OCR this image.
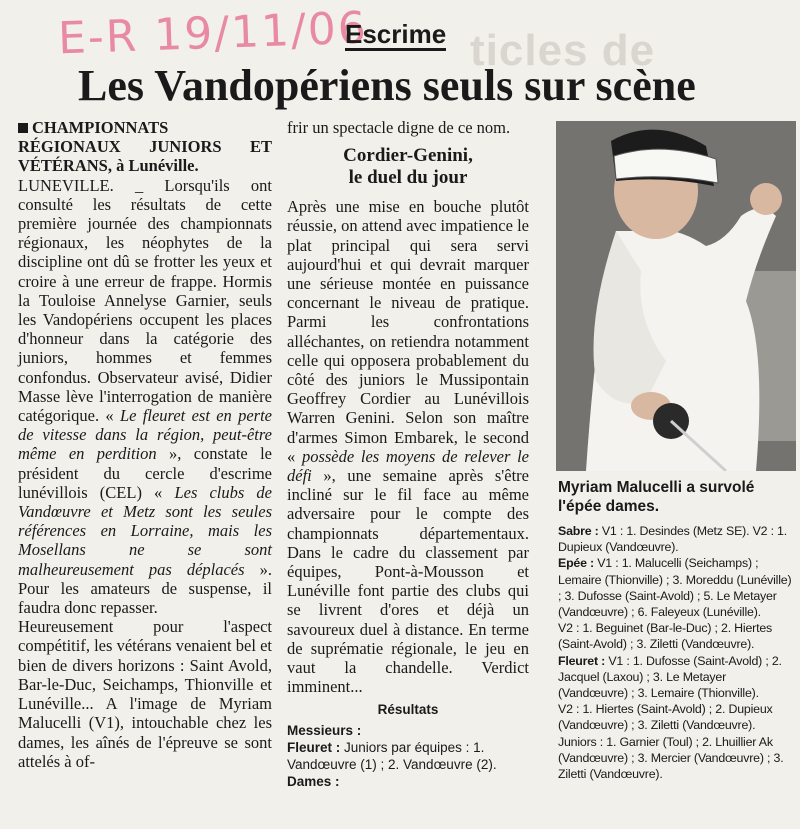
ticles de
E-R 19/11/06
Escrime
Les Vandopériens seuls sur scène

CHAMPIONNATS RÉGIONAUX JUNIORS ET VÉTÉRANS, à Lunéville.

LUNEVILLE. _ Lorsqu'ils ont consulté les résultats de cette première journée des championnats régionaux, les néophytes de la discipline ont dû se frotter les yeux et croire à une erreur de frappe. Hormis la Touloise Annelyse Garnier, seuls les Vandopériens occupent les places d'honneur dans la catégorie des juniors, hommes et femmes confondus. Observateur avisé, Didier Masse lève l'interrogation de manière catégorique. « Le fleuret est en perte de vitesse dans la région, peut-être même en perdition », constate le président du cercle d'escrime lunévillois (CEL) « Les clubs de Vandœuvre et Metz sont les seules références en Lorraine, mais les Mosellans ne se sont malheureusement pas déplacés ». Pour les amateurs de suspense, il faudra donc repasser.

Heureusement pour l'aspect compétitif, les vétérans venaient bel et bien de divers horizons : Saint Avold, Bar-le-Duc, Seichamps, Thionville et Lunéville... A l'image de Myriam Malucelli (V1), intouchable chez les dames, les aînés de l'épreuve se sont attelés à of-

frir un spectacle digne de ce nom.

Cordier-Genini,
le duel du jour

Après une mise en bouche plutôt réussie, on attend avec impatience le plat principal qui sera servi aujourd'hui et qui devrait marquer une sérieuse montée en puissance concernant le niveau de pratique. Parmi les confrontations alléchantes, on retiendra notamment celle qui opposera probablement du côté des juniors le Mussipontain Geoffrey Cordier au Lunévillois Warren Genini. Selon son maître d'armes Simon Embarek, le second « possède les moyens de relever le défi », une semaine après s'être incliné sur le fil face au même adversaire pour le compte des championnats départementaux. Dans le cadre du classement par équipes, Pont-à-Mousson et Lunéville font partie des clubs qui se livrent d'ores et déjà un savoureux duel à distance. En terme de suprématie régionale, le jeu en vaut la chandelle. Verdict imminent...

Résultats
Messieurs :
Fleuret : Juniors par équipes : 1. Vandœuvre (1) ; 2. Vandœuvre (2).
Dames :
Myriam Malucelli a survolé l'épée dames.
Sabre : V1 : 1. Desindes (Metz SE). V2 : 1. Dupieux (Vandœuvre).
Epée : V1 : 1. Malucelli (Seichamps) ; Lemaire (Thionville) ; 3. Moreddu (Lunéville) ; 3. Dufosse (Saint-Avold) ; 5. Le Metayer (Vandœuvre) ; 6. Faleyeux (Lunéville).
V2 : 1. Beguinet (Bar-le-Duc) ; 2. Hiertes (Saint-Avold) ; 3. Ziletti (Vandœuvre).
Fleuret : V1 : 1. Dufosse (Saint-Avold) ; 2. Jacquel (Laxou) ; 3. Le Metayer (Vandœuvre) ; 3. Lemaire (Thionville).
V2 : 1. Hiertes (Saint-Avold) ; 2. Dupieux (Vandœuvre) ; 3. Ziletti (Vandœuvre).
Juniors : 1. Garnier (Toul) ; 2. Lhuillier Ak (Vandœuvre) ; 3. Mercier (Vandœuvre) ; 3. Ziletti (Vandœuvre).
